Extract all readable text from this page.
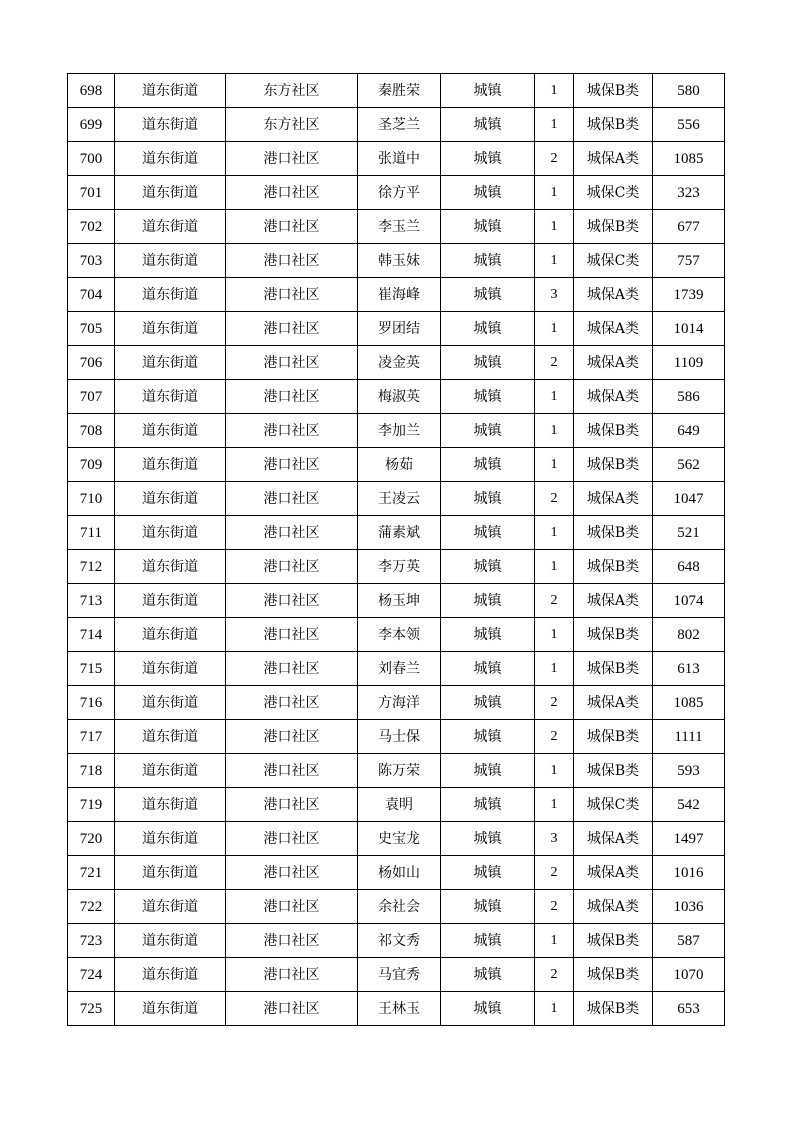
698	道东街道	东方社区	秦胜荣	城镇	1	城保B类	580
699	道东街道	东方社区	圣芝兰	城镇	1	城保B类	556
700	道东街道	港口社区	张道中	城镇	2	城保A类	1085
701	道东街道	港口社区	徐方平	城镇	1	城保C类	323
702	道东街道	港口社区	李玉兰	城镇	1	城保B类	677
703	道东街道	港口社区	韩玉妹	城镇	1	城保C类	757
704	道东街道	港口社区	崔海峰	城镇	3	城保A类	1739
705	道东街道	港口社区	罗团结	城镇	1	城保A类	1014
706	道东街道	港口社区	凌金英	城镇	2	城保A类	1109
707	道东街道	港口社区	梅淑英	城镇	1	城保A类	586
708	道东街道	港口社区	李加兰	城镇	1	城保B类	649
709	道东街道	港口社区	杨茹	城镇	1	城保B类	562
710	道东街道	港口社区	王凌云	城镇	2	城保A类	1047
711	道东街道	港口社区	蒲素斌	城镇	1	城保B类	521
712	道东街道	港口社区	李万英	城镇	1	城保B类	648
713	道东街道	港口社区	杨玉坤	城镇	2	城保A类	1074
714	道东街道	港口社区	李本领	城镇	1	城保B类	802
715	道东街道	港口社区	刘春兰	城镇	1	城保B类	613
716	道东街道	港口社区	方海洋	城镇	2	城保A类	1085
717	道东街道	港口社区	马士保	城镇	2	城保B类	1111
718	道东街道	港口社区	陈万荣	城镇	1	城保B类	593
719	道东街道	港口社区	袁明	城镇	1	城保C类	542
720	道东街道	港口社区	史宝龙	城镇	3	城保A类	1497
721	道东街道	港口社区	杨如山	城镇	2	城保A类	1016
722	道东街道	港口社区	余社会	城镇	2	城保A类	1036
723	道东街道	港口社区	祁文秀	城镇	1	城保B类	587
724	道东街道	港口社区	马宜秀	城镇	2	城保B类	1070
725	道东街道	港口社区	王林玉	城镇	1	城保B类	653
